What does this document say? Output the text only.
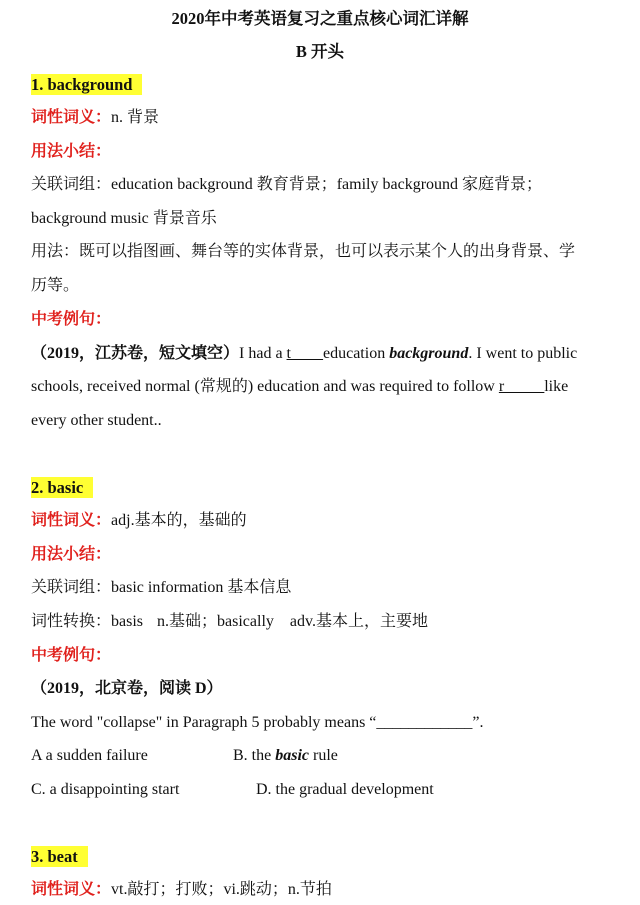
2020年中考英语复习之重点核心词汇详解
B 开头
1. background
词性词义：n. 背景
用法小结：
关联词组：education background 教育背景；family background 家庭背景；
background music 背景音乐
用法：既可以指图画、舞台等的实体背景，也可以表示某个人的出身背景、学
历等。
中考例句：
（2019，江苏卷，短文填空）I had a t____education background. I went to public
schools, received normal (常规的) education and was required to follow r_____like
every other student..
2. basic
词性词义：adj.基本的，基础的
用法小结：
关联词组：basic information 基本信息
词性转换：basis n.基础；basically adv.基本上，主要地
中考例句：
（2019，北京卷，阅读 D）
The word "collapse" in Paragraph 5 probably means “____________”.
A a sudden failure	B. the basic rule
C. a disappointing start	D. the gradual development
3. beat
词性词义：vt.敲打；打败；vi.跳动；n.节拍
